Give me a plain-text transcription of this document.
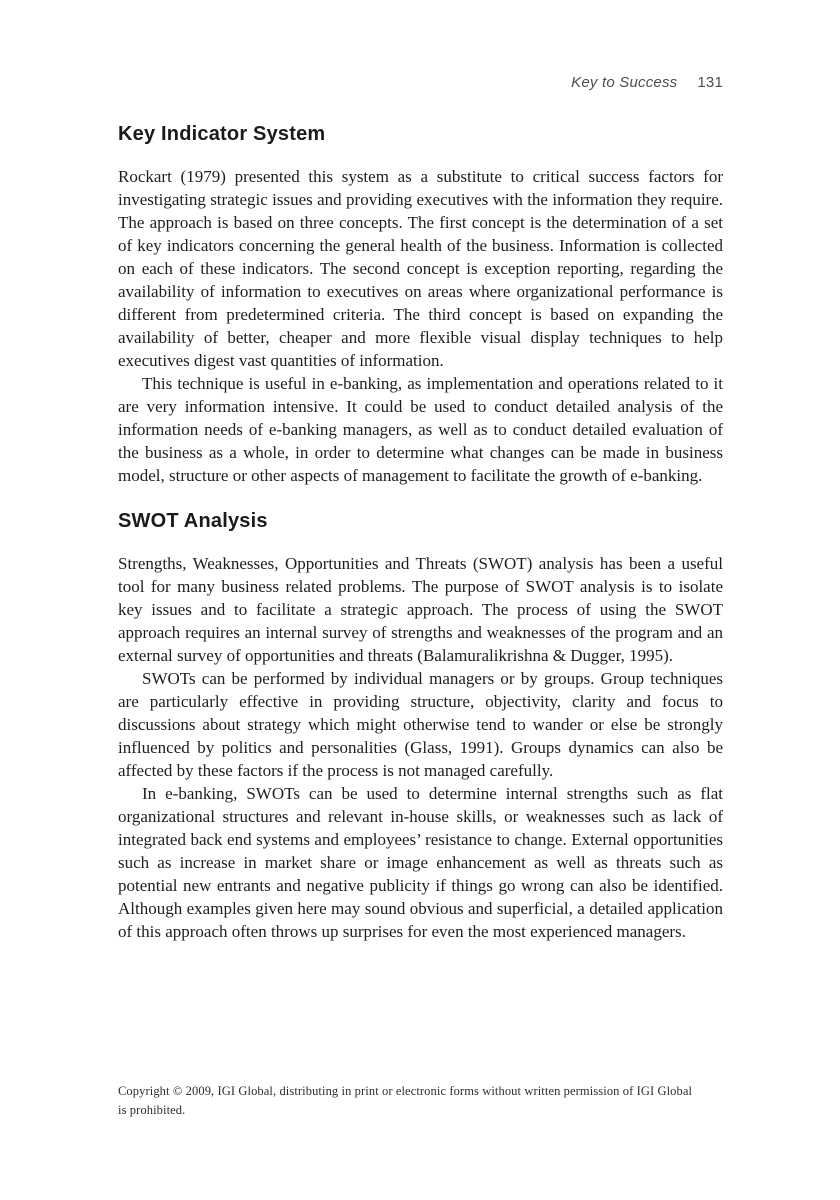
Key to Success 131
Key Indicator System

Rockart (1979) presented this system as a substitute to critical success factors for investigating strategic issues and providing executives with the information they require. The approach is based on three concepts. The first concept is the determination of a set of key indicators concerning the general health of the business. Information is collected on each of these indicators. The second concept is exception reporting, regarding the availability of information to executives on areas where organizational performance is different from predetermined criteria. The third concept is based on expanding the availability of better, cheaper and more flexible visual display techniques to help executives digest vast quantities of information.

This technique is useful in e-banking, as implementation and operations related to it are very information intensive. It could be used to conduct detailed analysis of the information needs of e-banking managers, as well as to conduct detailed evaluation of the business as a whole, in order to determine what changes can be made in business model, structure or other aspects of management to facilitate the growth of e-banking.

SWOT Analysis

Strengths, Weaknesses, Opportunities and Threats (SWOT) analysis has been a useful tool for many business related problems. The purpose of SWOT analysis is to isolate key issues and to facilitate a strategic approach. The process of using the SWOT approach requires an internal survey of strengths and weaknesses of the program and an external survey of opportunities and threats (Balamuralikrishna & Dugger, 1995).

SWOTs can be performed by individual managers or by groups. Group techniques are particularly effective in providing structure, objectivity, clarity and focus to discussions about strategy which might otherwise tend to wander or else be strongly influenced by politics and personalities (Glass, 1991). Groups dynamics can also be affected by these factors if the process is not managed carefully.

In e-banking, SWOTs can be used to determine internal strengths such as flat organizational structures and relevant in-house skills, or weaknesses such as lack of integrated back end systems and employees’ resistance to change. External opportunities such as increase in market share or image enhancement as well as threats such as potential new entrants and negative publicity if things go wrong can also be identified. Although examples given here may sound obvious and superficial, a detailed application of this approach often throws up surprises for even the most experienced managers.

Copyright © 2009, IGI Global, distributing in print or electronic forms without written permission of IGI Global
is prohibited.
